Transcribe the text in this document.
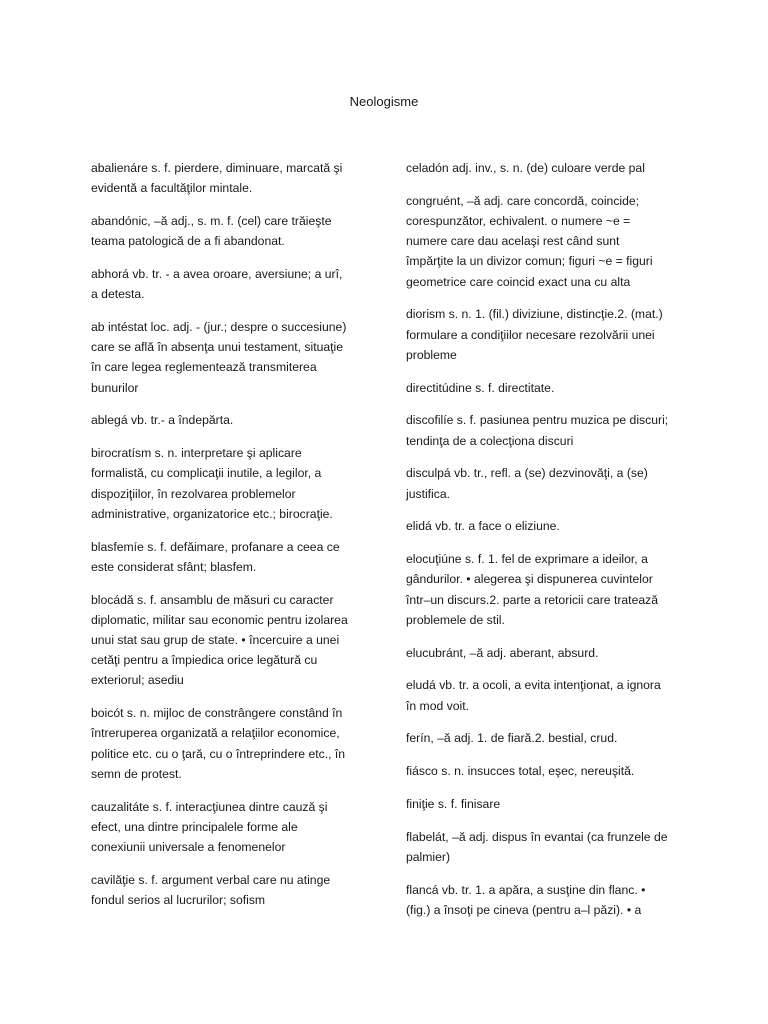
Neologisme

abalienáre s. f. pierdere, diminuare, marcată şi
evidentă a facultăţilor mintale.

abandónic, –ă adj., s. m. f. (cel) care trăieşte
teama patologică de a fi abandonat.

abhorá vb. tr. - a avea oroare, aversiune; a urî,
a detesta.

ab intéstat loc. adj. - (jur.; despre o succesiune)
care se află în absenţa unui testament, situaţie
în care legea reglementează transmiterea
bunurilor

ablegá vb. tr.- a îndepărta.

birocratísm s. n. interpretare şi aplicare
formalistă, cu complicaţii inutile, a legilor, a
dispoziţiilor, în rezolvarea problemelor
administrative, organizatorice etc.; birocraţie.

blasfemíe s. f. defăimare, profanare a ceea ce
este considerat sfânt; blasfem.

blocádă s. f. ansamblu de măsuri cu caracter
diplomatic, militar sau economic pentru izolarea
unui stat sau grup de state. • încercuire a unei
cetăţi pentru a împiedica orice legătură cu
exteriorul; asediu

boicót s. n. mijloc de constrângere constând în
întreruperea organizată a relaţiilor economice,
politice etc. cu o ţară, cu o întreprindere etc., în
semn de protest.

cauzalitáte s. f. interacţiunea dintre cauză şi
efect, una dintre principalele forme ale
conexiunii universale a fenomenelor

cavilăţie s. f. argument verbal care nu atinge
fondul serios al lucrurilor; sofism

celadón adj. inv., s. n. (de) culoare verde pal

congruént, –ă adj. care concordă, coincide;
corespunzător, echivalent. o numere ~e =
numere care dau acelaşi rest când sunt
împărţite la un divizor comun; figuri ~e = figuri
geometrice care coincid exact una cu alta

diorism s. n. 1. (fil.) diviziune, distincţie.2. (mat.)
formulare a condiţiilor necesare rezolvării unei
probleme

directitúdine s. f. directitate.

discofilíe s. f. pasiunea pentru muzica pe discuri;
tendinţa de a colecţiona discuri

disculpá vb. tr., refl. a (se) dezvinovăţi, a (se)
justifica.

elidá vb. tr. a face o eliziune.

elocuţiúne s. f. 1. fel de exprimare a ideilor, a
gândurilor. • alegerea şi dispunerea cuvintelor
într–un discurs.2. parte a retoricii care tratează
problemele de stil.

elucubránt, –ă adj. aberant, absurd.

eludá vb. tr. a ocoli, a evita intenţionat, a ignora
în mod voit.

ferín, –ă adj. 1. de fiară.2. bestial, crud.

fiásco s. n. insucces total, eşec, nereuşită.

finiţie s. f. finisare

flabelát, –ă adj. dispus în evantai (ca frunzele de
palmier)

flancá vb. tr. 1. a apăra, a susţine din flanc. •
(fig.) a însoţi pe cineva (pentru a–l păzi). • a
